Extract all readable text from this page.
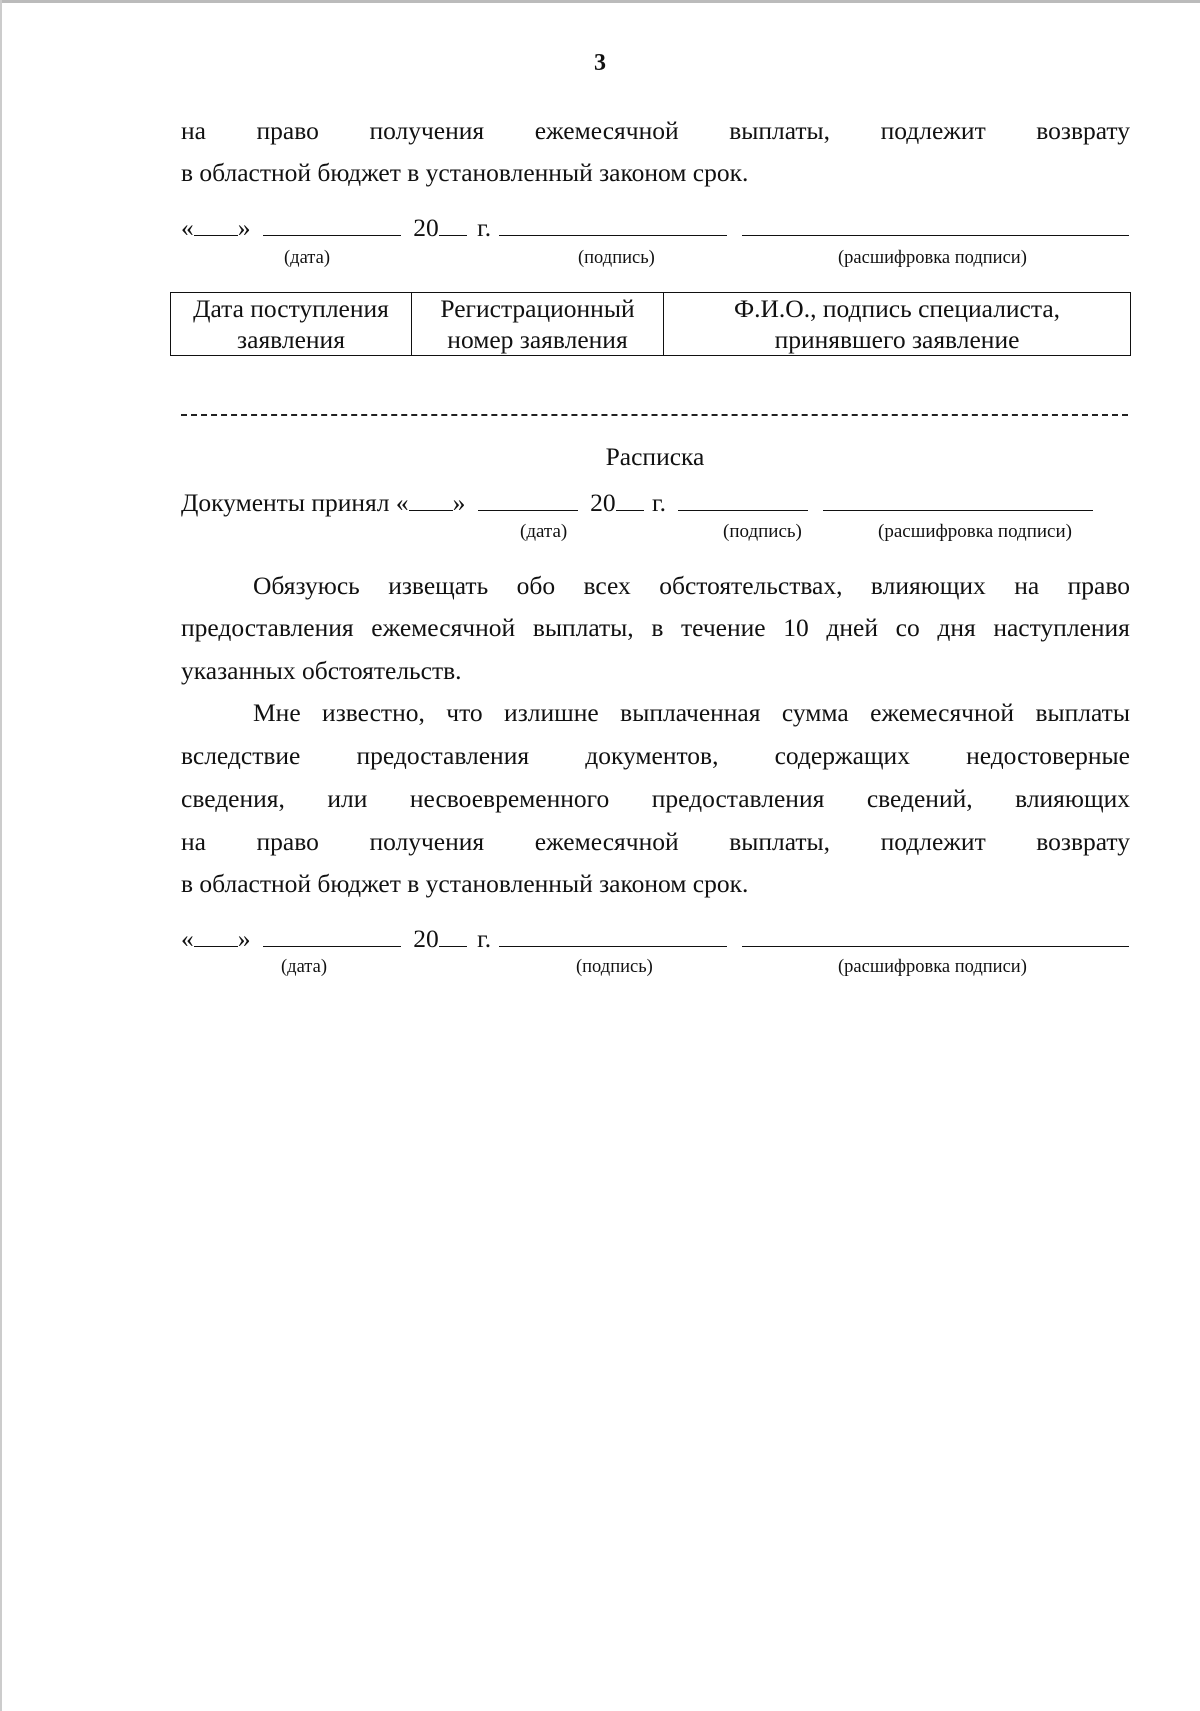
3
на право получения ежемесячной выплаты, подлежит возврату
в областной бюджет в установленный законом срок.
« »	20 г.
(дата)	(подпись)	(расшифровка подписи)
Дата поступления
заявления

Регистрационный
номер заявления

Ф.И.О., подпись специалиста,
принявшего заявление
Расписка
Документы принял « »	20 г.
(дата)	(подпись)	(расшифровка подписи)
Обязуюсь извещать обо всех обстоятельствах, влияющих на право
предоставления ежемесячной выплаты, в течение 10 дней со дня наступления
указанных обстоятельств.
Мне известно, что излишне выплаченная сумма ежемесячной выплаты
вследствие предоставления документов, содержащих недостоверные
сведения, или несвоевременного предоставления сведений, влияющих
на право получения ежемесячной выплаты, подлежит возврату
в областной бюджет в установленный законом срок.
« »	20 г.
(дата)	(подпись)	(расшифровка подписи)
